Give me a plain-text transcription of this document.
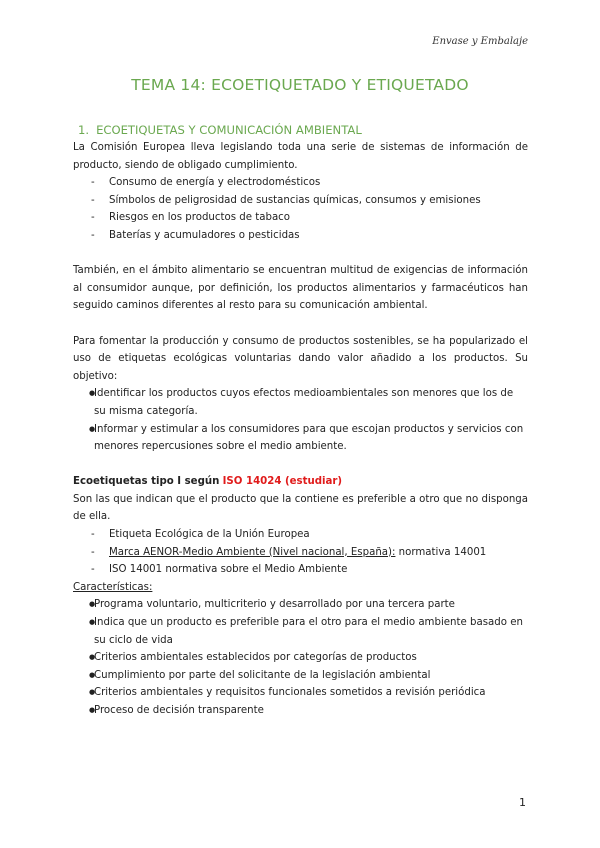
Envase y Embalaje
TEMA 14: ECOETIQUETADO Y ETIQUETADO
1. ECOETIQUETAS Y COMUNICACIÓN AMBIENTAL

La Comisión Europea lleva legislando toda una serie de sistemas de información de producto, siendo de obligado cumplimiento.

- Consumo de energía y electrodomésticos
- Símbolos de peligrosidad de sustancias químicas, consumos y emisiones
- Riesgos en los productos de tabaco
- Baterías y acumuladores o pesticidas

También, en el ámbito alimentario se encuentran multitud de exigencias de información al consumidor aunque, por definición, los productos alimentarios y farmacéuticos han seguido caminos diferentes al resto para su comunicación ambiental.

Para fomentar la producción y consumo de productos sostenibles, se ha popularizado el uso de etiquetas ecológicas voluntarias dando valor añadido a los productos. Su objetivo:

● Identificar los productos cuyos efectos medioambientales son menores que los de su misma categoría.
● Informar y estimular a los consumidores para que escojan productos y servicios con menores repercusiones sobre el medio ambiente.

Ecoetiquetas tipo I según ISO 14024 (estudiar)

Son las que indican que el producto que la contiene es preferible a otro que no disponga de ella.

- Etiqueta Ecológica de la Unión Europea
- Marca AENOR-Medio Ambiente (Nivel nacional, España): normativa 14001
- ISO 14001 normativa sobre el Medio Ambiente

Características:

● Programa voluntario, multicriterio y desarrollado por una tercera parte
● Indica que un producto es preferible para el otro para el medio ambiente basado en su ciclo de vida
● Criterios ambientales establecidos por categorías de productos
● Cumplimiento por parte del solicitante de la legislación ambiental
● Criterios ambientales y requisitos funcionales sometidos a revisión periódica
● Proceso de decisión transparente
1
